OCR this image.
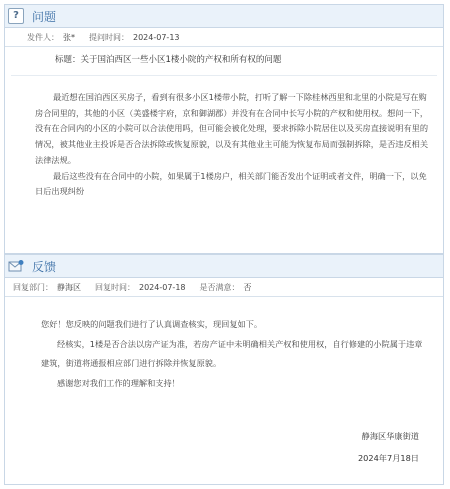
?	问题
发件人： 张* 提问时间： 2024-07-13
标题：关于国泊西区一些小区1楼小院的产权和所有权的问题

最近想在国泊西区买房子，看到有很多小区1楼带小院，打听了解一下除桂林西里和北里的小院是写在购房合同里的，其他的小区（美盛楼宇府，京和御湖郡）并没有在合同中长写小院的产权和使用权。想问一下，没有在合同内的小区的小院可以合法使用吗，但可能会被化处理，要求拆除小院居住以及买房直接说明有里的情况，被其他业主投诉是否合法拆除或恢复原貌，以及有其他业主可能为恢复布局而强制拆除，是否违反相关法律法规。

最后这些没有在合同中的小院，如果属于1楼房户，相关部门能否发出个证明或者文件，明确一下，以免日后出现纠纷

反馈
回复部门： 静海区 回复时间： 2024-07-18 是否满意： 否

您好！您反映的问题我们进行了认真调查核实，现回复如下。

经核实，1楼是否合法以房产证为准，若房产证中未明确相关产权和使用权，自行修建的小院属于违章建筑，街道将通报相应部门进行拆除并恢复原貌。

感谢您对我们工作的理解和支持！

静海区华康街道
2024年7月18日
